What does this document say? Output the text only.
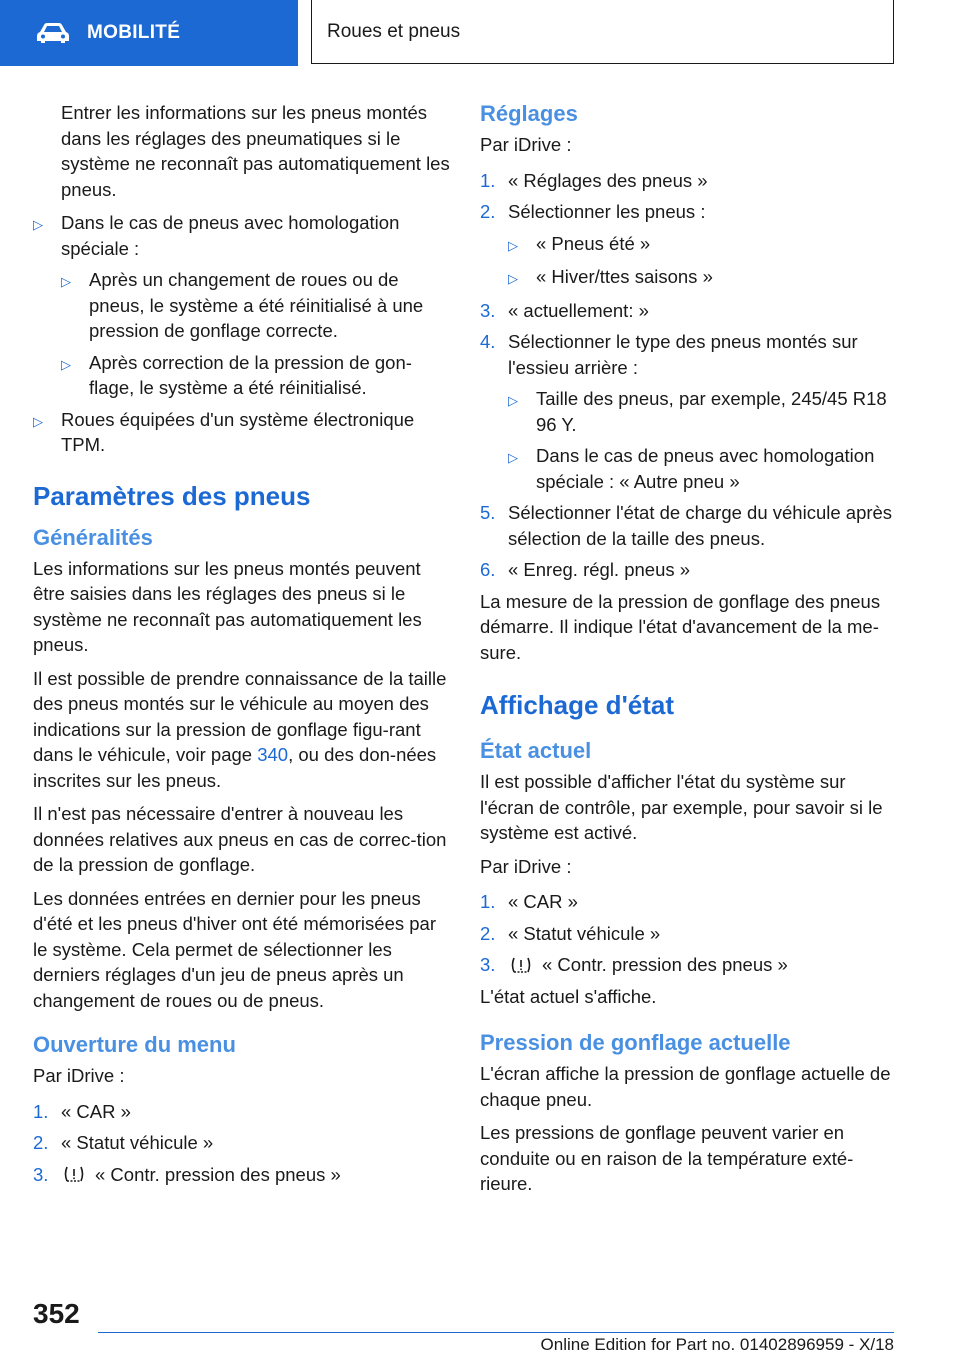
MOBILITÉ	Roues et pneus

Entrer les informations sur les pneus montés dans les réglages des pneumatiques si le système ne reconnaît pas automatiquement les pneus.

▷ Dans le cas de pneus avec homologation spéciale :
▷ Après un changement de roues ou de pneus, le système a été réinitialisé à une pression de gonflage correcte.
▷ Après correction de la pression de gon‐flage, le système a été réinitialisé.
▷ Roues équipées d'un système électronique TPM.
Paramètres des pneus
Généralités

Les informations sur les pneus montés peuvent être saisies dans les réglages des pneus si le système ne reconnaît pas automatiquement les pneus.

Il est possible de prendre connaissance de la taille des pneus montés sur le véhicule au moyen des indications sur la pression de gonflage figu‐rant dans le véhicule, voir page 340, ou des don‐nées inscrites sur les pneus.

Il n'est pas nécessaire d'entrer à nouveau les données relatives aux pneus en cas de correc‐tion de la pression de gonflage.

Les données entrées en dernier pour les pneus d'été et les pneus d'hiver ont été mémorisées par le système. Cela permet de sélectionner les derniers réglages d'un jeu de pneus après un changement de roues ou de pneus.

Ouverture du menu

Par iDrive :

1. « CAR »
2. « Statut véhicule »
3.	« Contr. pression des pneus »
Réglages

Par iDrive :

1. « Réglages des pneus »
2. Sélectionner les pneus :
▷ « Pneus été »
▷ « Hiver/ttes saisons »
3. « actuellement: »
4. Sélectionner le type des pneus montés sur l'essieu arrière :
▷ Taille des pneus, par exemple, 245/45 R18 96 Y.
▷ Dans le cas de pneus avec homologation spéciale : « Autre pneu »
5. Sélectionner l'état de charge du véhicule après sélection de la taille des pneus.
6. « Enreg. régl. pneus »

La mesure de la pression de gonflage des pneus démarre. Il indique l'état d'avancement de la me‐sure.

Affichage d'état
État actuel

Il est possible d'afficher l'état du système sur l'écran de contrôle, par exemple, pour savoir si le système est activé.

Par iDrive :

1. « CAR »
2. « Statut véhicule »
3.	« Contr. pression des pneus »

L'état actuel s'affiche.

Pression de gonflage actuelle

L'écran affiche la pression de gonflage actuelle de chaque pneu.

Les pressions de gonflage peuvent varier en conduite ou en raison de la température exté‐rieure.

352
Online Edition for Part no. 01402896959 - X/18
